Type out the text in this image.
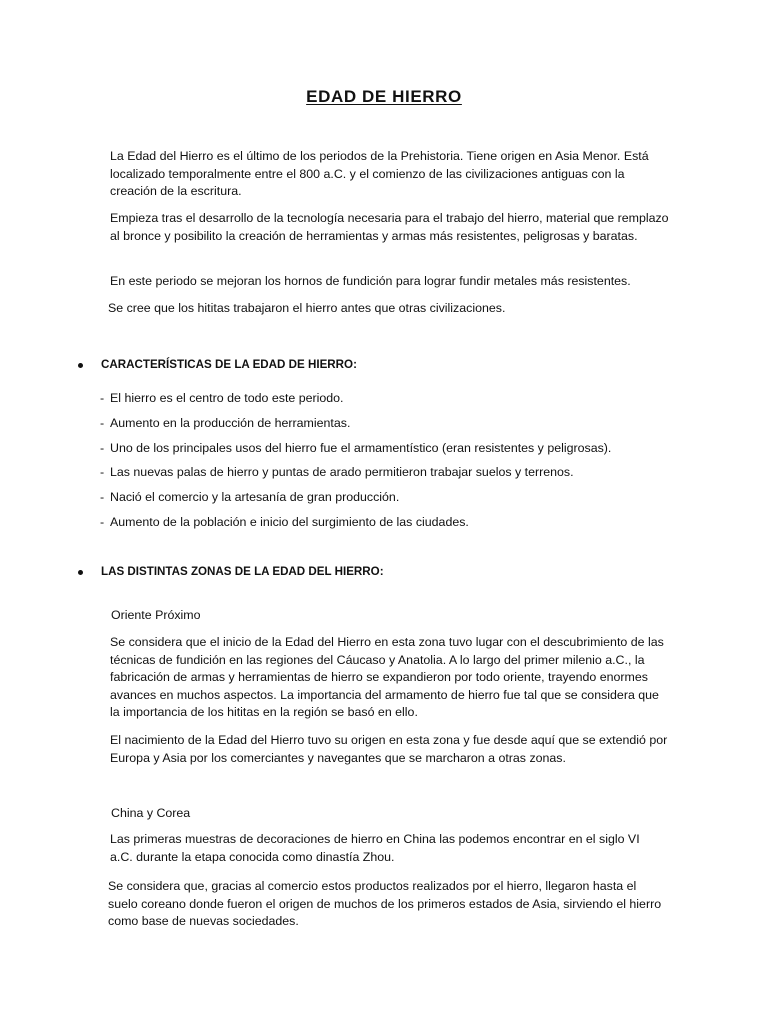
EDAD DE HIERRO

La Edad del Hierro es el último de los periodos de la Prehistoria. Tiene origen en Asia Menor. Está localizado temporalmente entre el 800 a.C. y el comienzo de las civilizaciones antiguas con la creación de la escritura.

Empieza tras el desarrollo de la tecnología necesaria para el trabajo del hierro, material que remplazo al bronce y posibilito la creación de herramientas y armas más resistentes, peligrosas y baratas.

En este periodo se mejoran los hornos de fundición para lograr fundir metales más resistentes.

Se cree que los hititas trabajaron el hierro antes que otras civilizaciones.

CARACTERÍSTICAS DE LA EDAD DE HIERRO:
- El hierro es el centro de todo este periodo.
- Aumento en la producción de herramientas.
- Uno de los principales usos del hierro fue el armamentístico (eran resistentes y peligrosas).
- Las nuevas palas de hierro y puntas de arado permitieron trabajar suelos y terrenos.
- Nació el comercio y la artesanía de gran producción.
- Aumento de la población e inicio del surgimiento de las ciudades.
LAS DISTINTAS ZONAS DE LA EDAD DEL HIERRO:

Oriente Próximo

Se considera que el inicio de la Edad del Hierro en esta zona tuvo lugar con el descubrimiento de las técnicas de fundición en las regiones del Cáucaso y Anatolia. A lo largo del primer milenio a.C., la fabricación de armas y herramientas de hierro se expandieron por todo oriente, trayendo enormes avances en muchos aspectos. La importancia del armamento de hierro fue tal que se considera que la importancia de los hititas en la región se basó en ello.

El nacimiento de la Edad del Hierro tuvo su origen en esta zona y fue desde aquí que se extendió por Europa y Asia por los comerciantes y navegantes que se marcharon a otras zonas.

China y Corea

Las primeras muestras de decoraciones de hierro en China las podemos encontrar en el siglo VI a.C. durante la etapa conocida como dinastía Zhou.

Se considera que, gracias al comercio estos productos realizados por el hierro, llegaron hasta el suelo coreano donde fueron el origen de muchos de los primeros estados de Asia, sirviendo el hierro como base de nuevas sociedades.
